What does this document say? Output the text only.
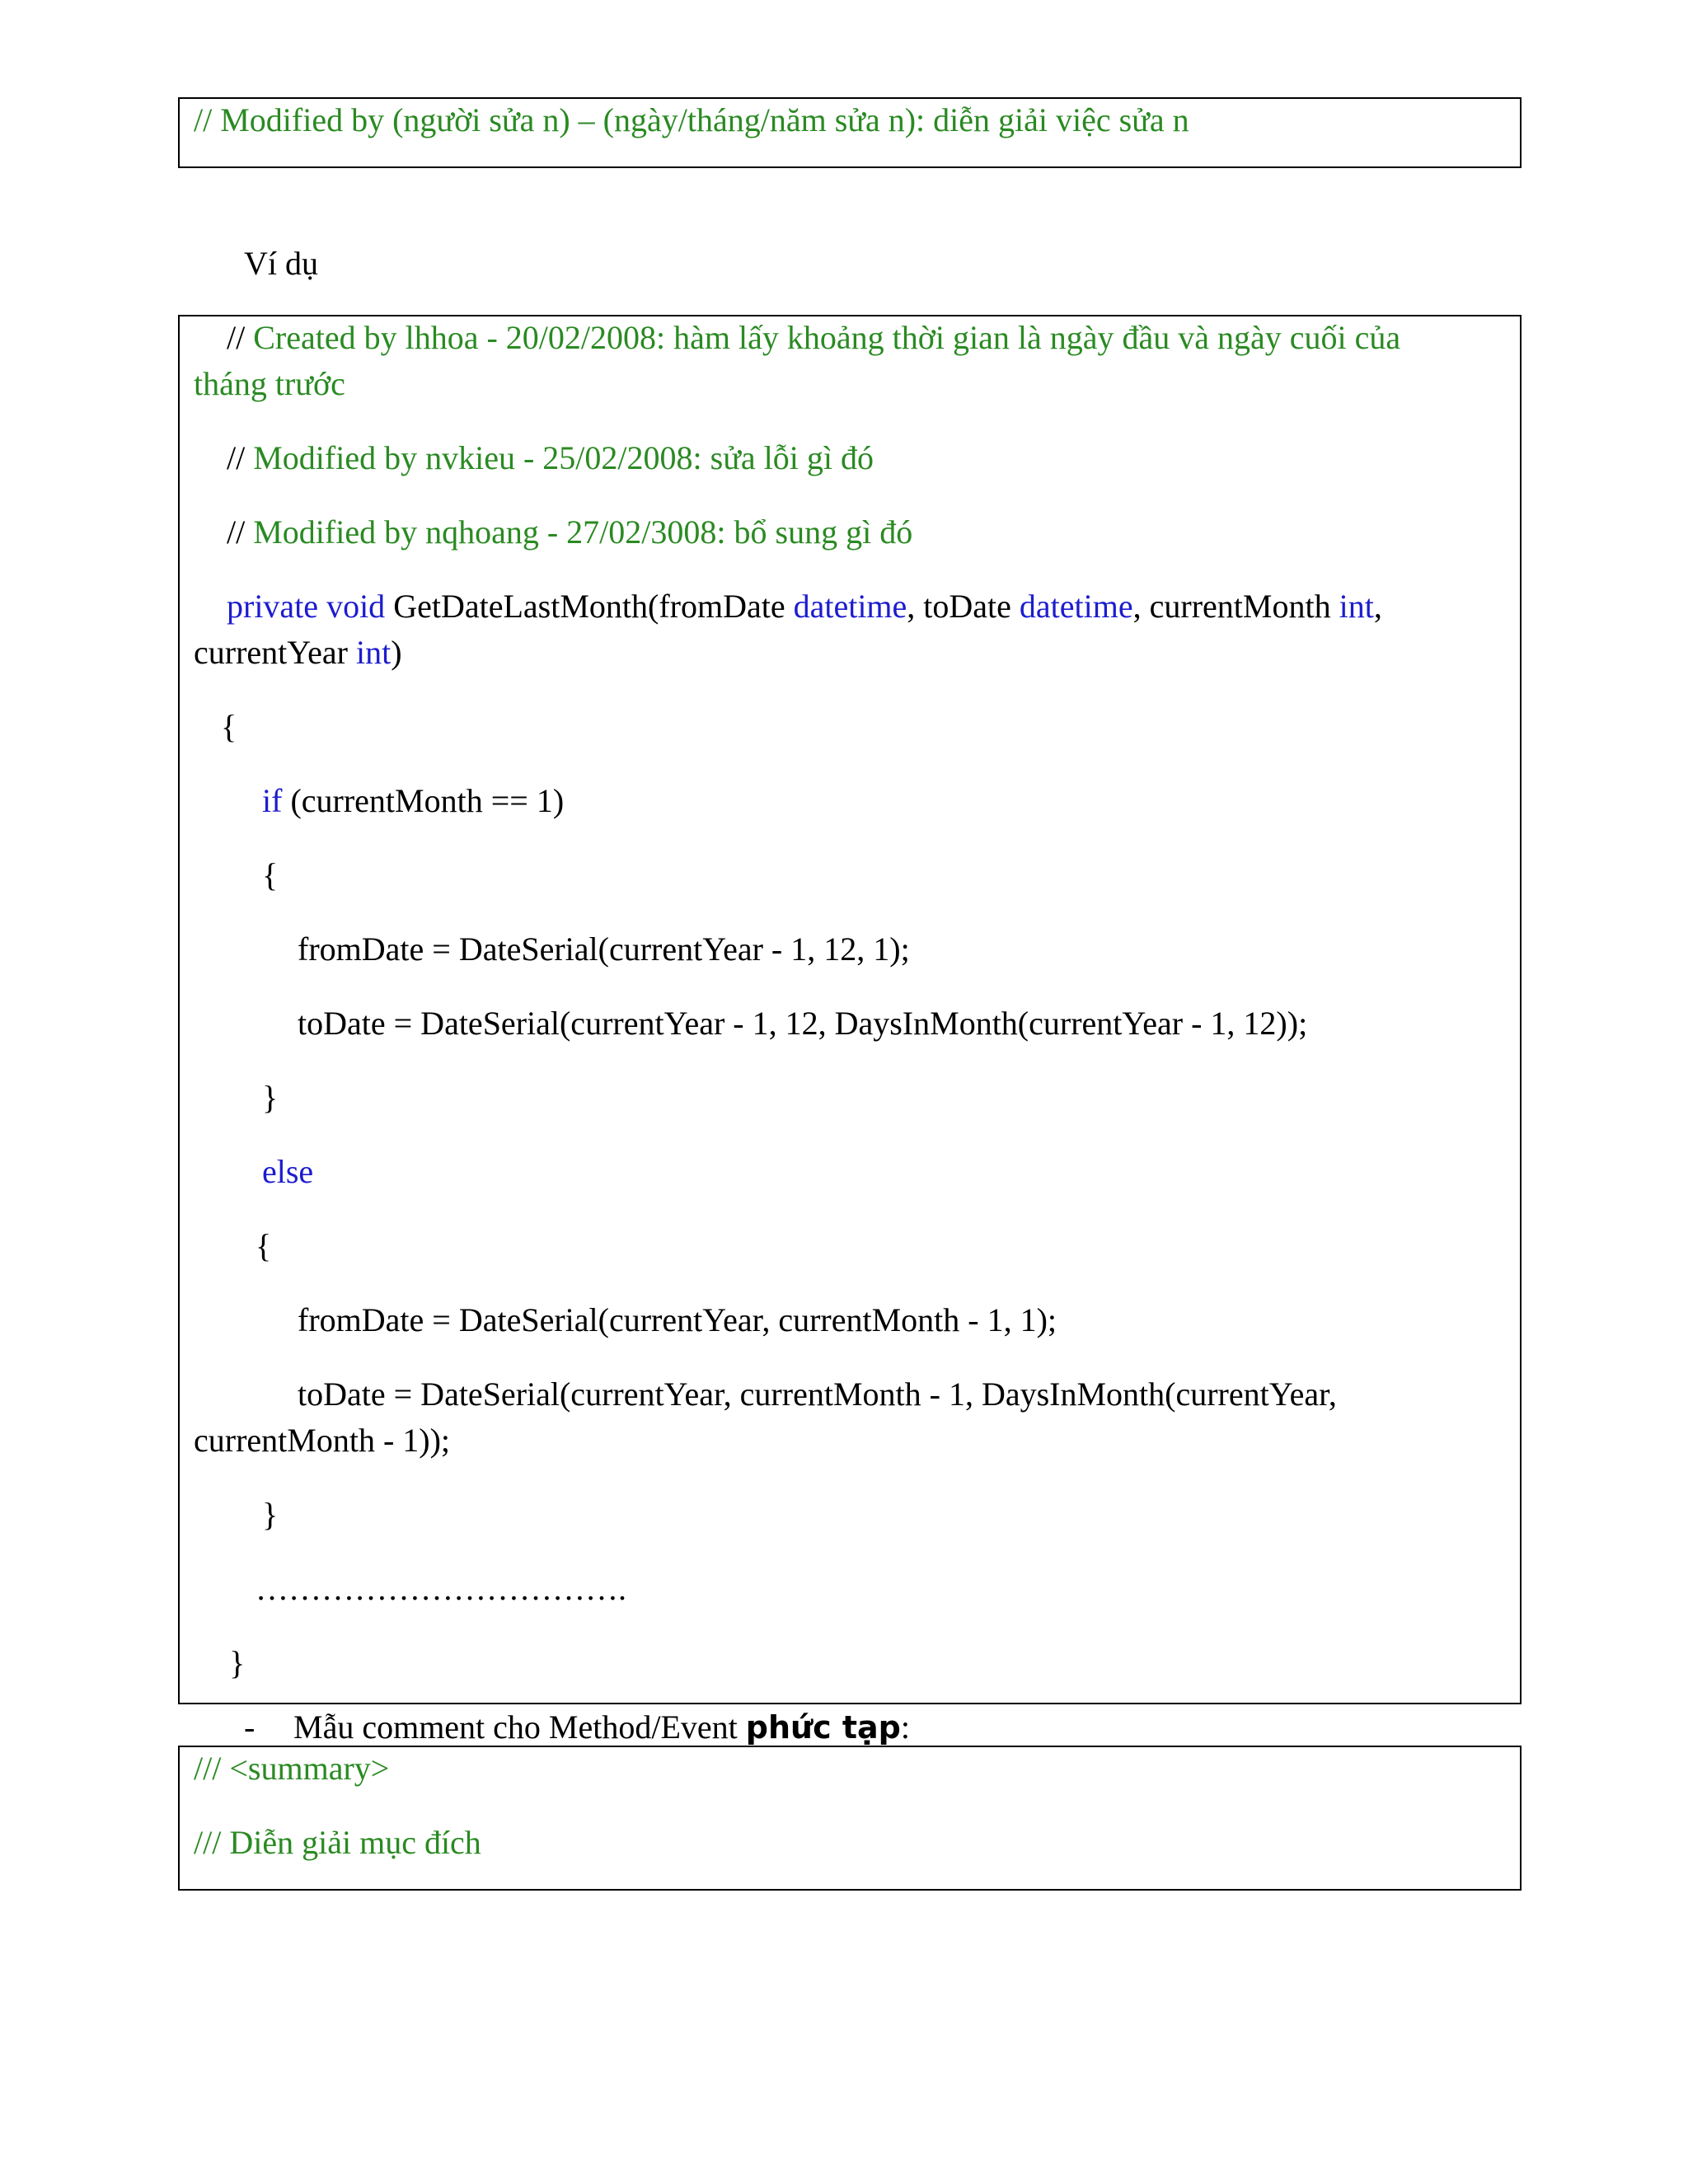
// Modified by (người sửa n) – (ngày/tháng/năm sửa n): diễn giải việc sửa n
Ví dụ
// Created by lhhoa - 20/02/2008: hàm lấy khoảng thời gian là ngày đầu và ngày cuối của
tháng trước
// Modified by nvkieu - 25/02/2008: sửa lỗi gì đó
// Modified by nqhoang - 27/02/3008: bổ sung gì đó
private void GetDateLastMonth(fromDate datetime, toDate datetime, currentMonth int,
currentYear int)
{
if (currentMonth == 1)
{
fromDate = DateSerial(currentYear - 1, 12, 1);
toDate = DateSerial(currentYear - 1, 12, DaysInMonth(currentYear - 1, 12));
}
else
{
fromDate = DateSerial(currentYear, currentMonth - 1, 1);
toDate = DateSerial(currentYear, currentMonth - 1, DaysInMonth(currentYear,
currentMonth - 1));
}
…………………………….
}
- Mẫu comment cho Method/Event phức tạp:
/// <summary>
/// Diễn giải mục đích
